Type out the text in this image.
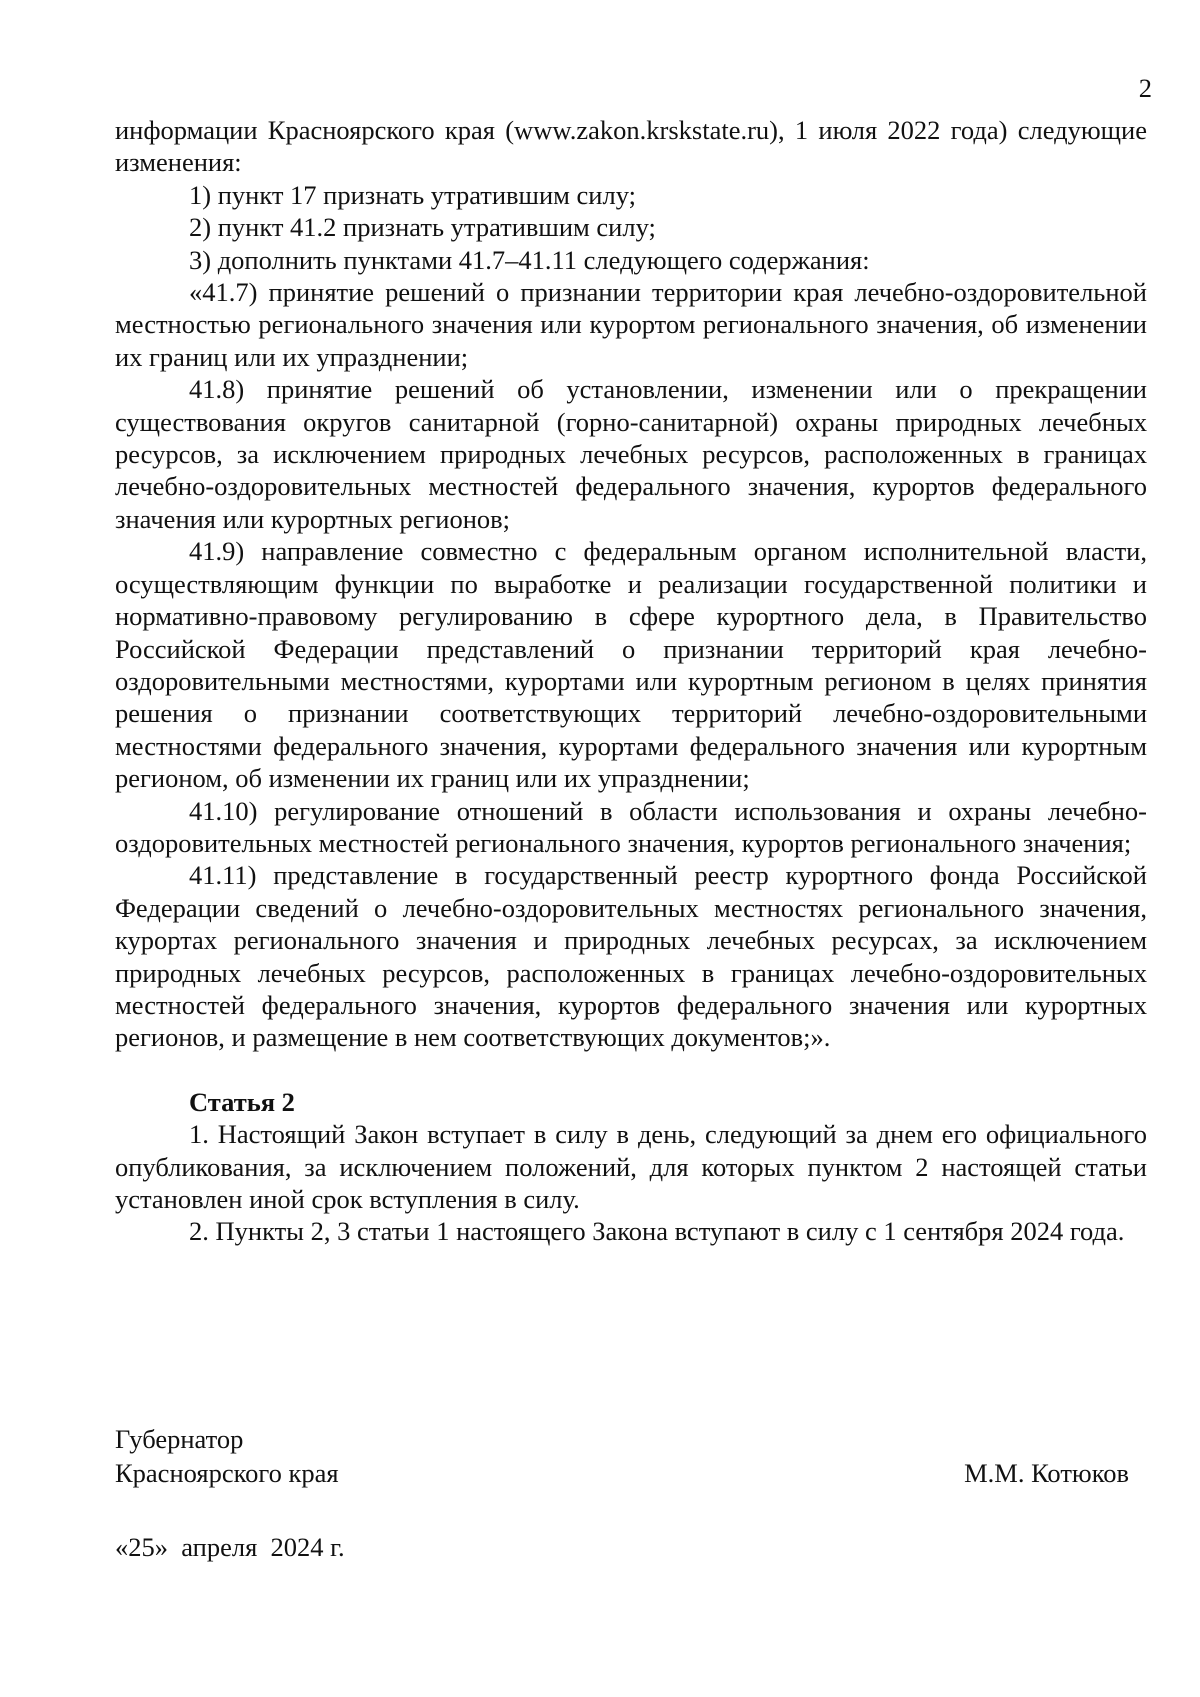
2

информации Красноярского края (www.zakon.krskstate.ru), 1 июля 2022 года) следующие изменения:

1) пункт 17 признать утратившим силу;

2) пункт 41.2 признать утратившим силу;

3) дополнить пунктами 41.7–41.11 следующего содержания:

«41.7) принятие решений о признании территории края лечебно-оздоровительной местностью регионального значения или курортом регионального значения, об изменении их границ или их упразднении;

41.8) принятие решений об установлении, изменении или о прекращении существования округов санитарной (горно-санитарной) охраны природных лечебных ресурсов, за исключением природных лечебных ресурсов, расположенных в границах лечебно-оздоровительных местностей федерального значения, курортов федерального значения или курортных регионов;

41.9) направление совместно с федеральным органом исполнительной власти, осуществляющим функции по выработке и реализации государственной политики и нормативно-правовому регулированию в сфере курортного дела, в Правительство Российской Федерации представлений о признании территорий края лечебно-оздоровительными местностями, курортами или курортным регионом в целях принятия решения о признании соответствующих территорий лечебно-оздоровительными местностями федерального значения, курортами федерального значения или курортным регионом, об изменении их границ или их упразднении;

41.10) регулирование отношений в области использования и охраны лечебно-оздоровительных местностей регионального значения, курортов регионального значения;

41.11) представление в государственный реестр курортного фонда Российской Федерации сведений о лечебно-оздоровительных местностях регионального значения, курортах регионального значения и природных лечебных ресурсах, за исключением природных лечебных ресурсов, расположенных в границах лечебно-оздоровительных местностей федерального значения, курортов федерального значения или курортных регионов, и размещение в нем соответствующих документов;».

Статья 2

1. Настоящий Закон вступает в силу в день, следующий за днем его официального опубликования, за исключением положений, для которых пунктом 2 настоящей статьи установлен иной срок вступления в силу.

2. Пункты 2, 3 статьи 1 настоящего Закона вступают в силу с 1 сентября 2024 года.

Губернатор
Красноярского края	М.М. Котюков
«25»  апреля  2024 г.
